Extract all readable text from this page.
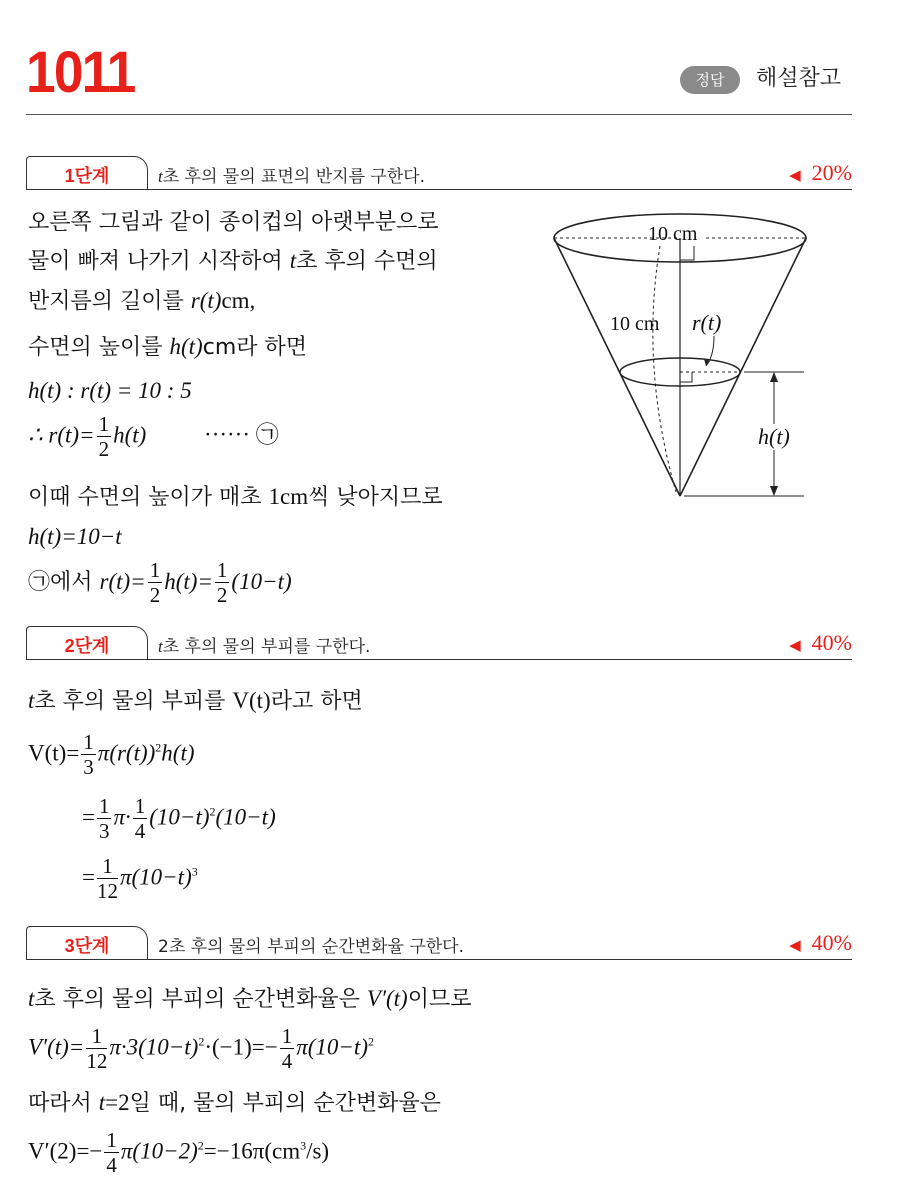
1011	정답	해설참고
1단계	t초 후의 물의 표면의 반지름 구한다.	◀ 20%
오른쪽 그림과 같이 종이컵의 아랫부분으로
물이 빠져 나가기 시작하여 t초 후의 수면의
반지름의 길이를 r(t)cm,
수면의 높이를 h(t)cm라 하면
h(t) : r(t) = 10 : 5
∴ $r(t)= \frac{1}{2} h(t)$	······ ㉠
이때 수면의 높이가 매초 1cm씩 낮아지므로
h(t)=10−t
㉠에서 $r(t)= \frac{1}{2} h(t)= \frac{1}{2} (10-t)$
10 cm
10 cm r(t)
h(t)
2단계	t초 후의 물의 부피를 구한다.	◀ 40%
t초 후의 물의 부피를 V(t)라고 하면
$V(t)= \frac{1}{3} \pi(r(t))^2h(t)$
= $\frac{1}{3} \pi\cdot \frac{1}{4} (10-t)^2(10-t)$
= $\frac{1}{12} \pi(10-t)^3$
3단계	2초 후의 물의 부피의 순간변화율 구한다.	◀ 40%
t초 후의 물의 부피의 순간변화율은 V′(t)이므로
$V'(t)= \frac{1}{12} \pi\cdot 3(10-t)^2\cdot(-1)=- \frac{1}{4} \pi(10-t)^2$
따라서 t=2일 때, 물의 부피의 순간변화율은
$V'(2)=- \frac{1}{4} \pi(10-2)^2=-16\pi(cm^3/s)$
